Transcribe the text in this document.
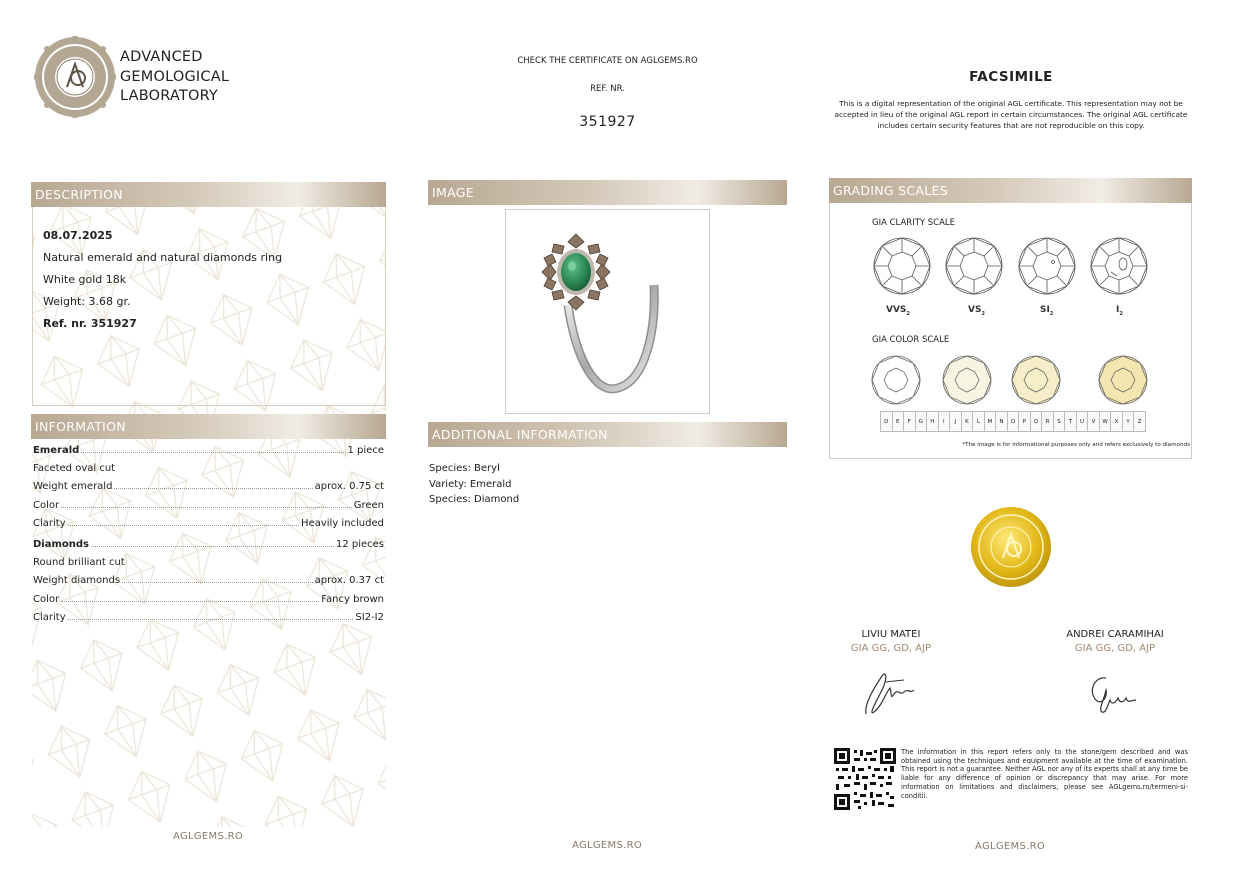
ADVANCED
GEMOLOGICAL
LABORATORY
CHECK THE CERTIFICATE ON AGLGEMS.RO
REF. NR.
351927
FACSIMILE
This is a digital representation of the original AGL certificate. This representation may not be accepted in lieu of the original AGL report in certain circumstances. The original AGL certificate includes certain security features that are not reproducible on this copy.
DESCRIPTION
08.07.2025
Natural emerald and natural diamonds ring
White gold 18k
Weight: 3.68 gr.
Ref. nr. 351927
INFORMATION
Emerald	1 piece
Faceted oval cut
Weight emerald	aprox. 0.75 ct
Color	Green
Clarity	Heavily included
Diamonds	12 pieces
Round brilliant cut
Weight diamonds	aprox. 0.37 ct
Color	Fancy brown
Clarity	SI2-I2
AGLGEMS.RO
IMAGE
ADDITIONAL INFORMATION
Species: Beryl
Variety: Emerald
Species: Diamond
AGLGEMS.RO
GRADING SCALES
GIA CLARITY SCALE
$VVS_2$	$VS_2$	$SI_2$	$I_2$
GIA COLOR SCALE
D	E	F	G	H	I	J	K	L	M	N	O	P	Q	R	S	T	U	V	W	X	Y	Z
*The image is for informational purposes only and refers exclusively to diamonds
LIVIU MATEI
GIA GG, GD, AJP
ANDREI CARAMIHAI
GIA GG, GD, AJP
The information in this report refers only to the stone/gem described and was obtained using the techniques and equipment available at the time of examination. This report is not a guarantee. Neither AGL nor any of its experts shall at any time be liable for any difference of opinion or discrepancy that may arise. For more information on limitations and disclaimers, please see AGLgems.ro/termeni-si-conditii.
AGLGEMS.RO
